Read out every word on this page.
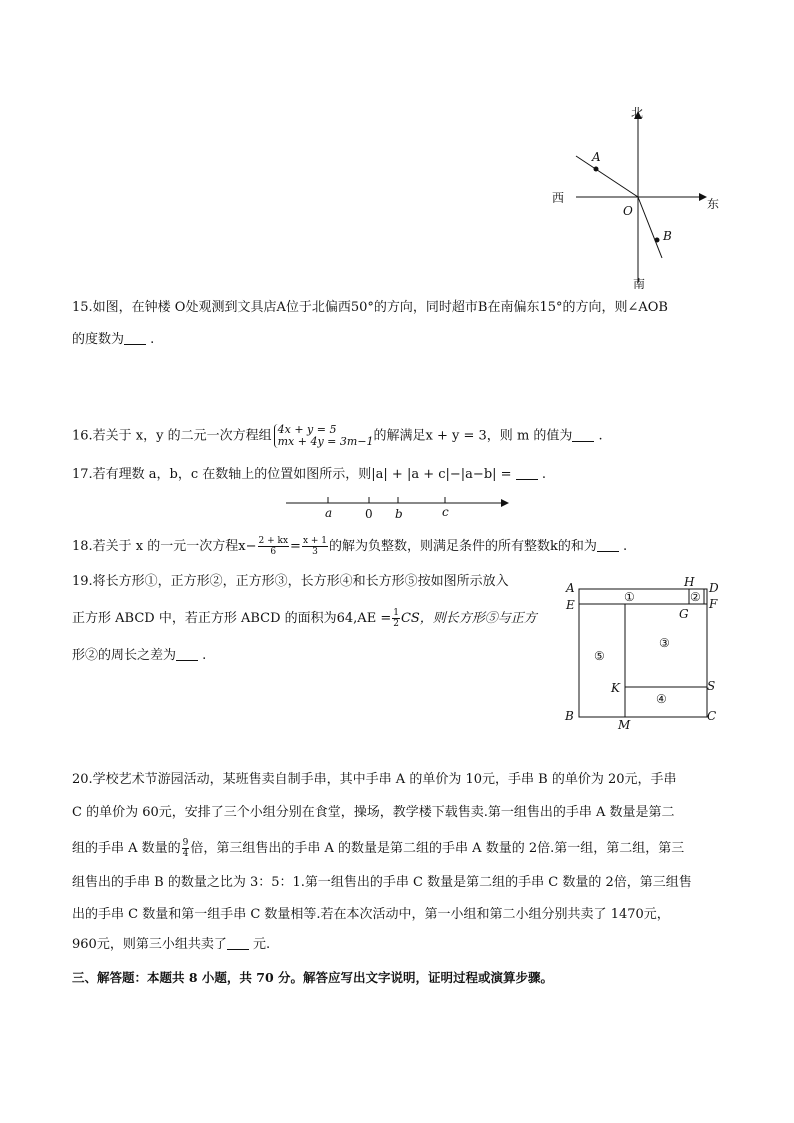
北
南
东
西
A
B
O
15.如图，在钟楼 O处观测到文具店A位于北偏西50°的方向，同时超市B在南偏东15°的方向，则∠AOB
的度数为 .
16.若关于 x，y 的二元一次方程组 4x + y = 5
mx + 4y = 3m−1 的解满足x + y = 3，则 m 的值为 .
17.若有理数 a，b，c 在数轴上的位置如图所示，则|a| + |a + c|−|a−b| = .
a	0 b	c
18.若关于 x 的一元一次方程$x- \frac{2 + kx}{6} = \frac{x + 1}{3}$ 的解为负整数，则满足条件的所有整数k的和为 .
19.将长方形①，正方形②，正方形③，长方形④和长方形⑤按如图所示放入
正方形 ABCD 中，若正方形 ABCD 的面积为$64,AE = \frac{1}{2}$ CS，则长方形⑤与正方
形②的周长之差为 .
A	H D
E	F
G
K	S
B	C
M
①	②
③
④
⑤
20.学校艺术节游园活动，某班售卖自制手串，其中手串 A 的单价为 10元，手串 B 的单价为 20元，手串
C 的单价为 60元，安排了三个小组分别在食堂，操场，教学楼下载售卖.第一组售出的手串 A 数量是第二
组的手串 A 数量的 $\frac{9}{4}$ 倍，第三组售出的手串 A 的数量是第二组的手串 A 数量的 2倍.第一组，第二组，第三
组售出的手串 B 的数量之比为 3：5：1.第一组售出的手串 C 数量是第二组的手串 C 数量的 2倍，第三组售
出的手串 C 数量和第一组手串 C 数量相等.若在本次活动中，第一小组和第二小组分别共卖了 1470元，
960元，则第三小组共卖了 元.
三、解答题：本题共 8 小题，共 70 分。解答应写出文字说明，证明过程或演算步骤。
